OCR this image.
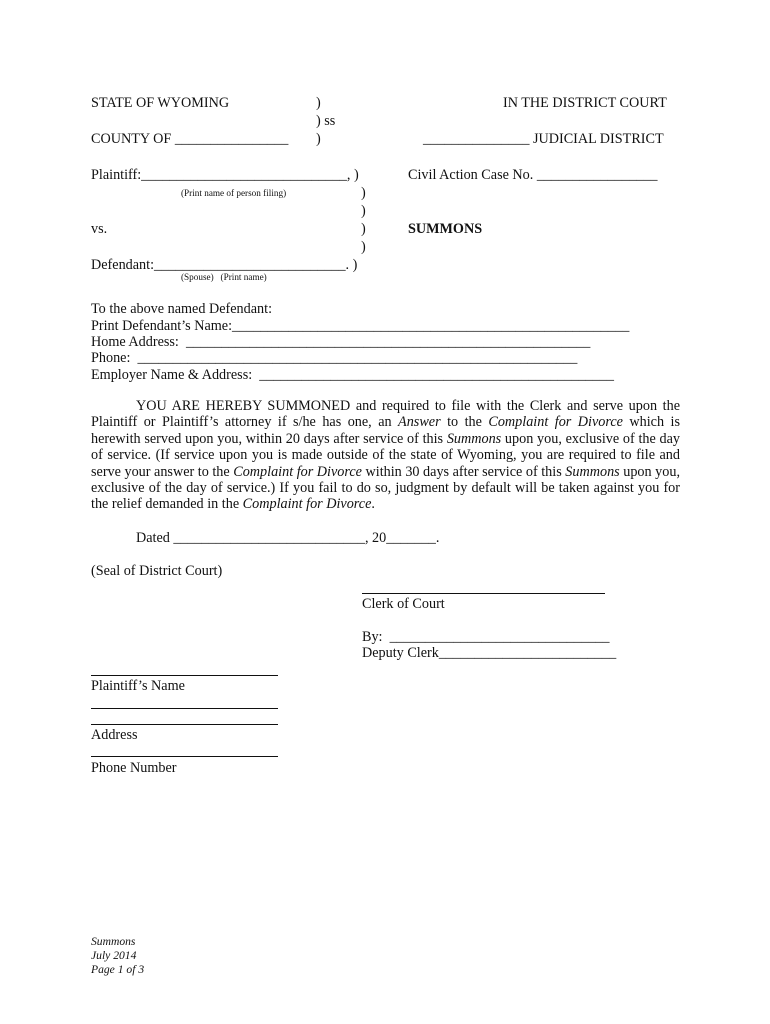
STATE OF WYOMING	)
) ss
)
COUNTY OF ________________
IN THE DISTRICT COURT
_______________ JUDICIAL DISTRICT
Plaintiff:_____________________________, )
(Print name of person filing)	)
)
vs.	)
)
Defendant:___________________________. )
(Spouse)   (Print name)
Civil Action Case No. _________________
SUMMONS
To the above named Defendant:
Print Defendant’s Name:________________________________________________________
Home Address:  _________________________________________________________
Phone:  ______________________________________________________________
Employer Name & Address:  __________________________________________________
YOU ARE HEREBY SUMMONED and required to file with the Clerk and serve upon the Plaintiff or Plaintiff’s attorney if s/he has one, an Answer to the Complaint for Divorce which is herewith served upon you, within 20 days after service of this Summons upon you, exclusive of the day of service. (If service upon you is made outside of the state of Wyoming, you are required to file and serve your answer to the Complaint for Divorce within 30 days after service of this Summons upon you, exclusive of the day of service.) If you fail to do so, judgment by default will be taken against you for the relief demanded in the Complaint for Divorce.
Dated ___________________________, 20_______.
(Seal of District Court)
Clerk of Court
By:  _______________________________
Deputy Clerk_________________________
Plaintiff’s Name
Address
Phone Number
Summons
July 2014
Page 1 of 3
